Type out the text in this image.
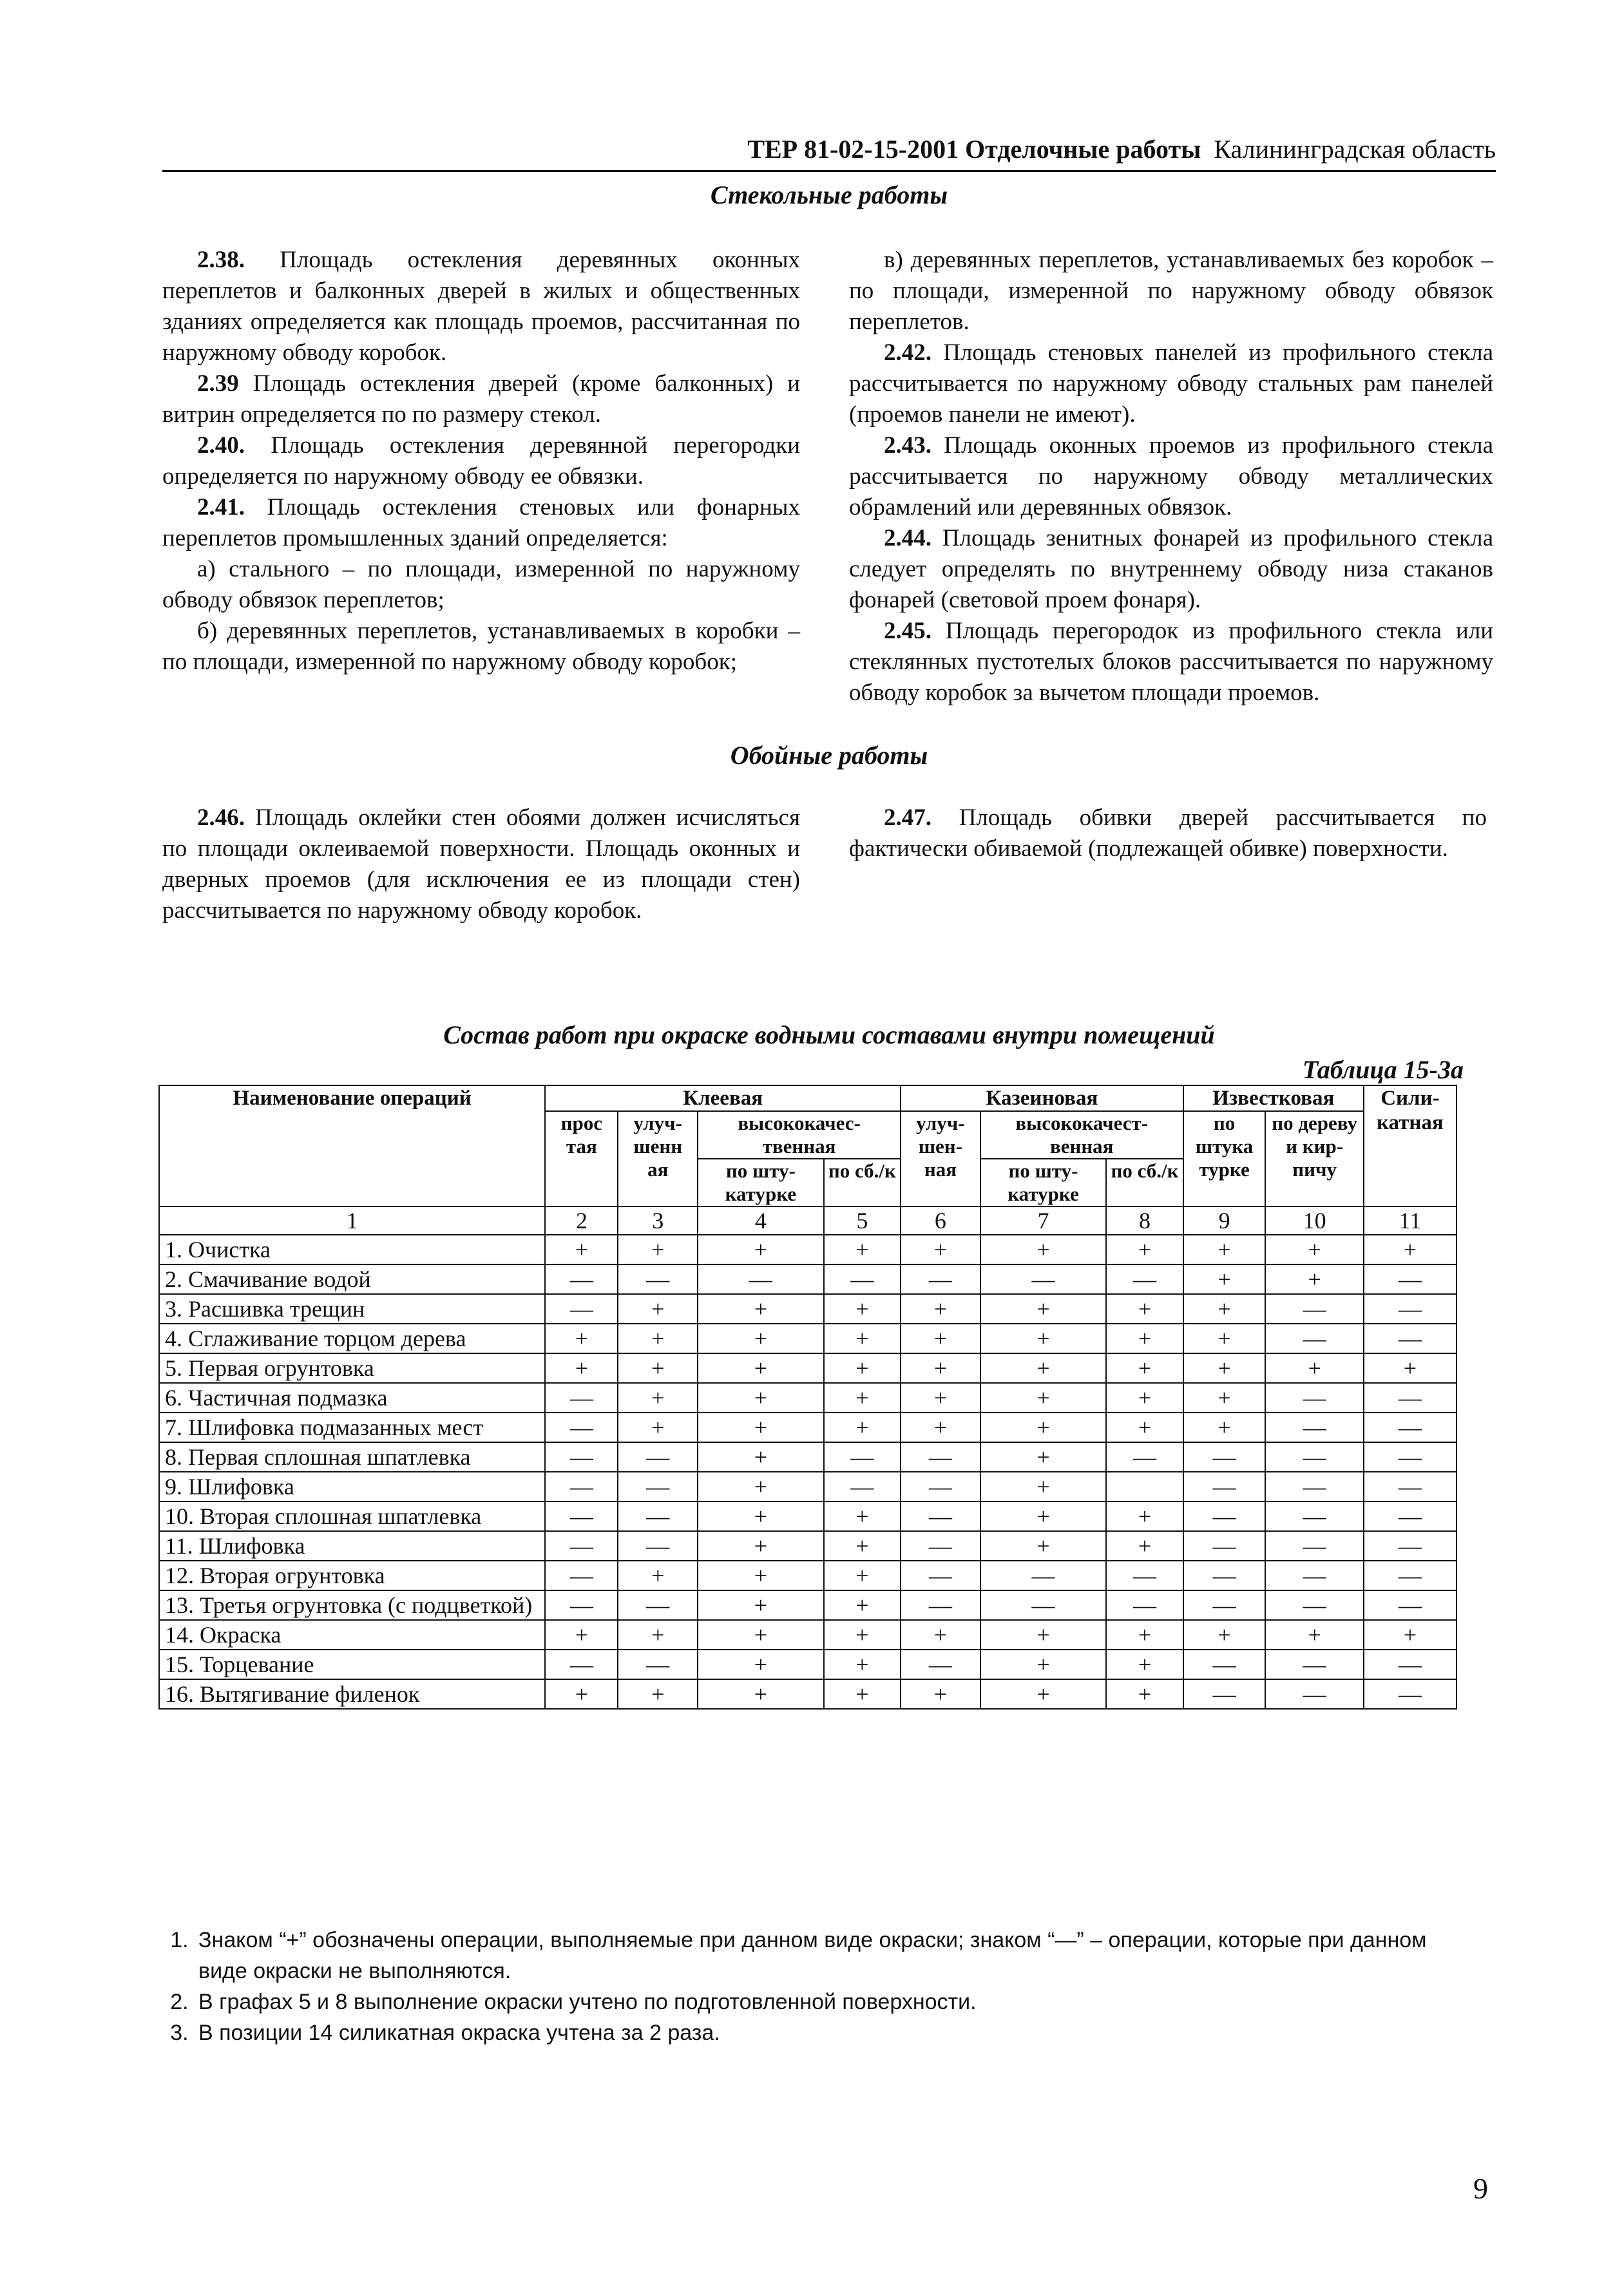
ТЕР 81-02-15-2001 Отделочные работы Калининградская область
Стекольные работы

2.38. Площадь остекления деревянных оконных переплетов и балконных дверей в жилых и общественных зданиях определяется как площадь проемов, рассчитанная по наружному обводу коробок.

2.39 Площадь остекления дверей (кроме балконных) и витрин определяется по по размеру стекол.

2.40. Площадь остекления деревянной перегородки определяется по наружному обводу ее обвязки.

2.41. Площадь остекления стеновых или фонарных переплетов промышленных зданий определяется:

а) стального – по площади, измеренной по наружному обводу обвязок переплетов;

б) деревянных переплетов, устанавливаемых в коробки – по площади, измеренной по наружному обводу коробок;

в) деревянных переплетов, устанавливаемых без коробок – по площади, измеренной по наружному обводу обвязок переплетов.

2.42. Площадь стеновых панелей из профильного стекла рассчитывается по наружному обводу стальных рам панелей (проемов панели не имеют).

2.43. Площадь оконных проемов из профильного стекла рассчитывается по наружному обводу металлических обрамлений или деревянных обвязок.

2.44. Площадь зенитных фонарей из профильного стекла следует определять по внутреннему обводу низа стаканов фонарей (световой проем фонаря).

2.45. Площадь перегородок из профильного стекла или стеклянных пустотелых блоков рассчитывается по наружному обводу коробок за вычетом площади проемов.

Обойные работы

2.46. Площадь оклейки стен обоями должен исчисляться по площади оклеиваемой поверхности. Площадь оконных и дверных проемов (для исключения ее из площади стен) рассчитывается по наружному обводу коробок.

2.47. Площадь обивки дверей рассчитывается по фактически обиваемой (подлежащей обивке) поверхности.

Состав работ при окраске водными составами внутри помещений
Таблица 15-3а
Наименование операций	Клеевая				Казеиновая			Известковая		Сили-катная
	прос тая	улуч-шенн ая	высококачес-твенная		улуч-шен-ная	высококачест-венная		по штука турке	по дереву и кир-пичу	
			по шту-катурке	по сб./к		по шту-катурке	по сб./к			
1	2	3	4	5	6	7	8	9	10	11
1. Очистка	+	+	+	+	+	+	+	+	+	+
2. Смачивание водой	—	—	—	—	—	—	—	+	+	—
3. Расшивка трещин	—	+	+	+	+	+	+	+	—	—
4. Сглаживание торцом дерева	+	+	+	+	+	+	+	+	—	—
5. Первая огрунтовка	+	+	+	+	+	+	+	+	+	+
6. Частичная подмазка	—	+	+	+	+	+	+	+	—	—
7. Шлифовка подмазанных мест	—	+	+	+	+	+	+	+	—	—
8. Первая сплошная шпатлевка	—	—	+	—	—	+	—	—	—	—
9. Шлифовка	—	—	+	—	—	+		—	—	—
10. Вторая сплошная шпатлевка	—	—	+	+	—	+	+	—	—	—
11. Шлифовка	—	—	+	+	—	+	+	—	—	—
12. Вторая огрунтовка	—	+	+	+	—	—	—	—	—	—
13. Третья огрунтовка (с подцветкой)	—	—	+	+	—	—	—	—	—	—
14. Окраска	+	+	+	+	+	+	+	+	+	+
15. Торцевание	—	—	+	+	—	+	+	—	—	—
16. Вытягивание филенок	+	+	+	+	+	+	+	—	—	—
1. Знаком “+” обозначены операции, выполняемые при данном виде окраски; знаком “—” – операции, которые при данном виде окраски не выполняются.
2. В графах 5 и 8 выполнение окраски учтено по подготовленной поверхности.
3. В позиции 14 силикатная окраска учтена за 2 раза.
9
